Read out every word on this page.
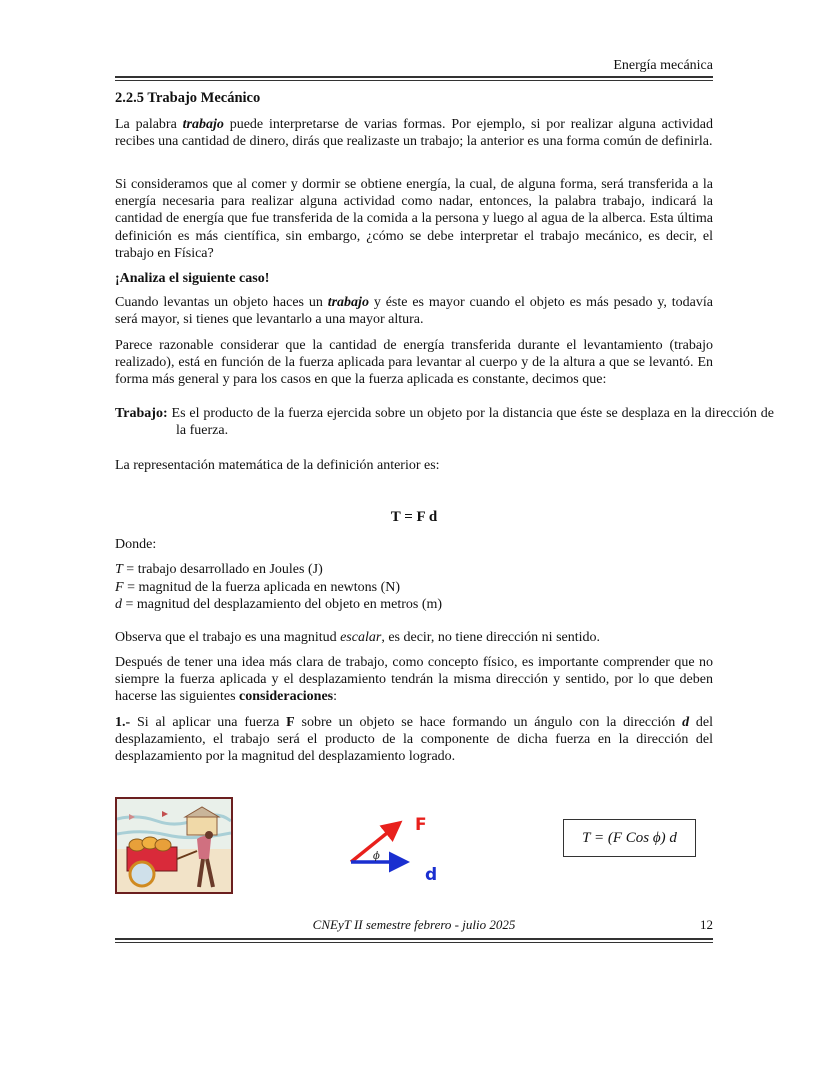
Energía mecánica
2.2.5 Trabajo Mecánico
La palabra trabajo puede interpretarse de varias formas. Por ejemplo, si por realizar alguna actividad recibes una cantidad de dinero, dirás que realizaste un trabajo; la anterior es una forma común de definirla.
Si consideramos que al comer y dormir se obtiene energía, la cual, de alguna forma, será transferida a la energía necesaria para realizar alguna actividad como nadar, entonces, la palabra trabajo, indicará la cantidad de energía que fue transferida de la comida a la persona y luego al agua de la alberca. Esta última definición es más científica, sin embargo, ¿cómo se debe interpretar el trabajo mecánico, es decir, el trabajo en Física?
¡Analiza el siguiente caso!
Cuando levantas un objeto haces un trabajo y éste es mayor cuando el objeto es más pesado y, todavía será mayor, si tienes que levantarlo a una mayor altura.
Parece razonable considerar que la cantidad de energía transferida durante el levantamiento (trabajo realizado), está en función de la fuerza aplicada para levantar al cuerpo y de la altura a que se levantó. En forma más general y para los casos en que la fuerza aplicada es constante, decimos que:
Trabajo: Es el producto de la fuerza ejercida sobre un objeto por la distancia que éste se desplaza en la dirección de la fuerza.
La representación matemática de la definición anterior es:
T = F d
Donde:
T = trabajo desarrollado en Joules (J)
F = magnitud de la fuerza aplicada en newtons (N)
d = magnitud del desplazamiento del objeto en metros (m)
Observa que el trabajo es una magnitud escalar, es decir, no tiene dirección ni sentido.
Después de tener una idea más clara de trabajo, como concepto físico, es importante comprender que no siempre la fuerza aplicada y el desplazamiento tendrán la misma dirección y sentido, por lo que deben hacerse las siguientes consideraciones:
1.- Si al aplicar una fuerza F sobre un objeto se hace formando un ángulo con la dirección d del desplazamiento, el trabajo será el producto de la componente de dicha fuerza en la dirección del desplazamiento por la magnitud del desplazamiento logrado.
ϕ
F
d
T = (F Cos ϕ) d
CNEyT II semestre febrero - julio 2025	12
